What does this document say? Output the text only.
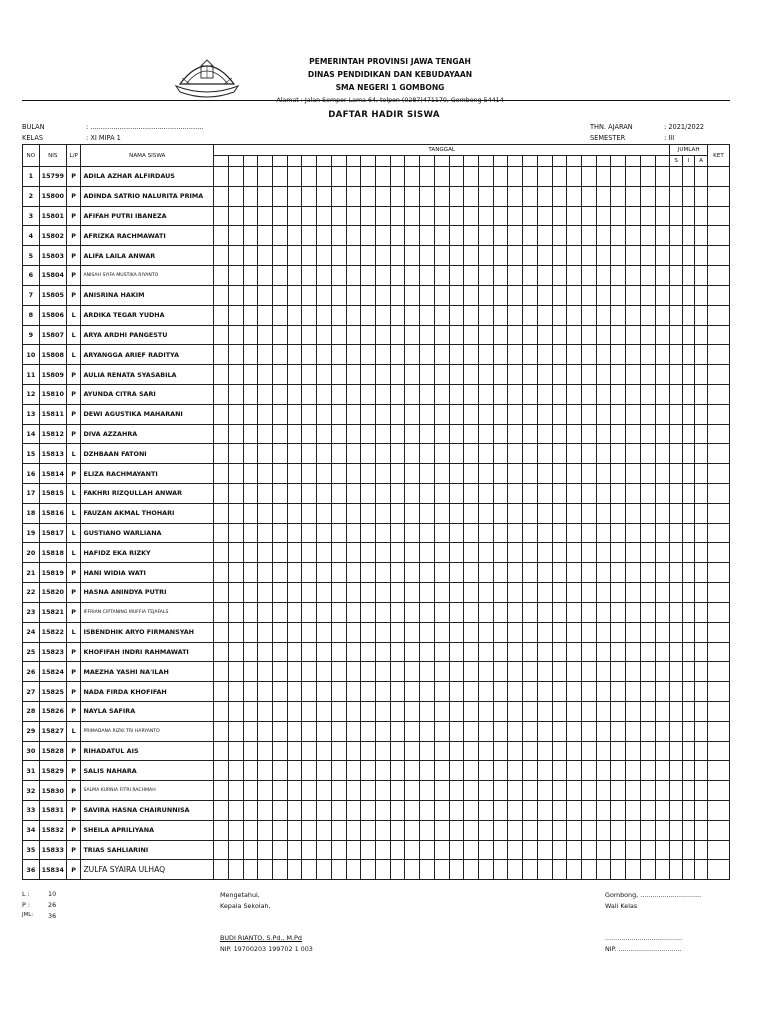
PEMERINTAH PROVINSI JAWA TENGAH
DINAS PENDIDIKAN DAN KEBUDAYAAN
SMA NEGERI 1 GOMBONG
Alamat : Jalan Sempor Lama 64, telpon (0287)471170, Gombong 54414
DAFTAR HADIR SISWA
BULAN	: ......................................................
KELAS	: XI MIPA 1
THN. AJARAN	: 2021/2022
SEMESTER	: III
NO	NIS	L/P	NAMA SISWA	TANGGAL																															JUMLAH			KET
																																			S	I	A	
1	15799	P	ADILA AZHAR ALFIRDAUS																																			
2	15800	P	ADINDA SATRIO NALURITA PRIMA																																			
3	15801	P	AFIFAH PUTRI IBANEZA																																			
4	15802	P	AFRIZKA RACHMAWATI																																			
5	15803	P	ALIFA LAILA ANWAR																																			
6	15804	P	ANISAH SYIFA MUSTIKA RIYANTO																																			
7	15805	P	ANISRINA HAKIM																																			
8	15806	L	ARDIKA TEGAR YUDHA																																			
9	15807	L	ARYA ARDHI PANGESTU																																			
10	15808	L	ARYANGGA ARIEF RADITYA																																			
11	15809	P	AULIA RENATA SYASABILA																																			
12	15810	P	AYUNDA CITRA SARI																																			
13	15811	P	DEWI AGUSTIKA MAHARANI																																			
14	15812	P	DIVA AZZAHRA																																			
15	15813	L	DZHBAAN FATONI																																			
16	15814	P	ELIZA RACHMAYANTI																																			
17	15815	L	FAKHRI RIZQULLAH ANWAR																																			
18	15816	L	FAUZAN AKMAL THOHARI																																			
19	15817	L	GUSTIANO WARLIANA																																			
20	15818	L	HAFIDZ EKA RIZKY																																			
21	15819	P	HANI WIDIA WATI																																			
22	15820	P	HASNA ANINDYA PUTRI																																			
23	15821	P	IFFRIAN CIPTANING MUFFIA TEJAFALS																																			
24	15822	L	ISBENDHIK ARYO FIRMANSYAH																																			
25	15823	P	KHOFIFAH INDRI RAHMAWATI																																			
26	15824	P	MAEZHA YASHI NA'ILAH																																			
27	15825	P	NADA FIRDA KHOFIFAH																																			
28	15826	P	NAYLA SAFIRA																																			
29	15827	L	PRIMADANA RIZKI TRI HARYANTO																																			
30	15828	P	RIHADATUL AIS																																			
31	15829	P	SALIS NAHARA																																			
32	15830	P	SALMA KURNIA FITRI RACHMAH																																			
33	15831	P	SAVIRA HASNA CHAIRUNNISA																																			
34	15832	P	SHEILA APRILIYANA																																			
35	15833	P	TRIAS SAHLIARINI																																			
36	15834	P	ZULFA SYAIRA ULHAQ																																			
L :	10
P :	26
JML: 36
Mengetahui,
Kepala Sekolah,
BUDI RIANTO, S.Pd., M.Pd
NIP. 19700203 199702 1 003
Gombong, ..............................
Wali Kelas
......................................
NIP. ...............................
